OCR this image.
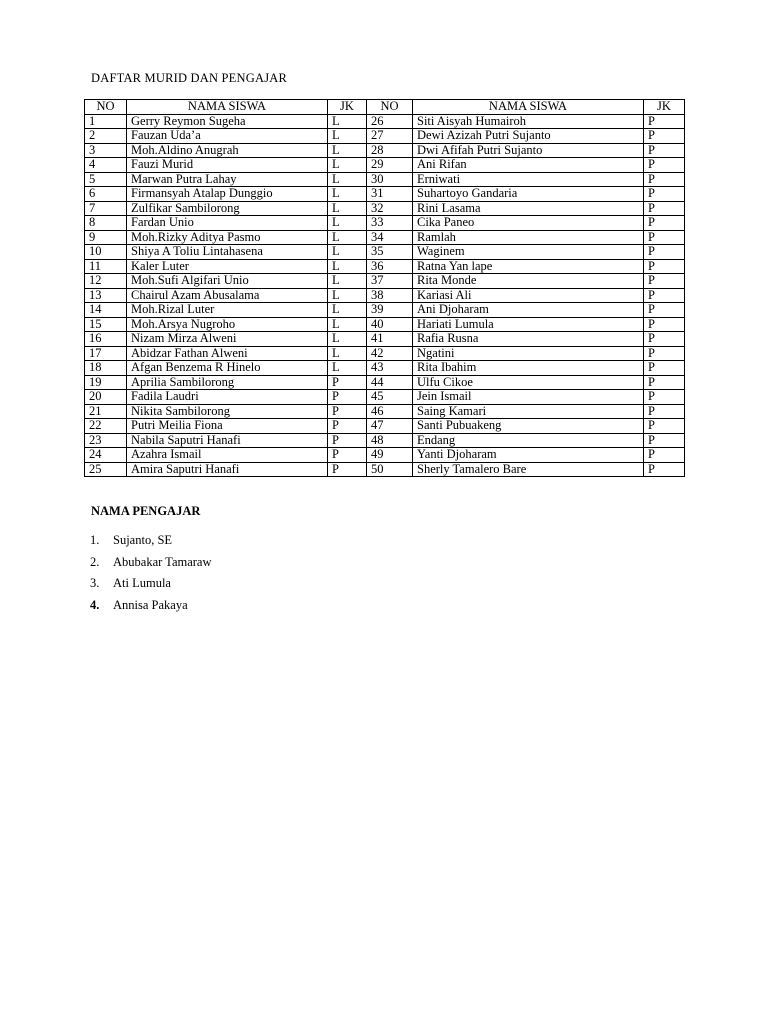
DAFTAR MURID DAN PENGAJAR
NO	NAMA SISWA	JK	NO	NAMA SISWA	JK
1	Gerry Reymon Sugeha	L	26	Siti Aisyah Humairoh	P
2	Fauzan Uda’a	L	27	Dewi Azizah Putri Sujanto	P
3	Moh.Aldino Anugrah	L	28	Dwi Afifah Putri Sujanto	P
4	Fauzi Murid	L	29	Ani Rifan	P
5	Marwan Putra Lahay	L	30	Erniwati	P
6	Firmansyah Atalap Dunggio	L	31	Suhartoyo Gandaria	P
7	Zulfikar Sambilorong	L	32	Rini Lasama	P
8	Fardan Unio	L	33	Cika Paneo	P
9	Moh.Rizky Aditya Pasmo	L	34	Ramlah	P
10	Shiya A Toliu Lintahasena	L	35	Waginem	P
11	Kaler Luter	L	36	Ratna Yan lape	P
12	Moh.Sufi Algifari Unio	L	37	Rita Monde	P
13	Chairul Azam Abusalama	L	38	Kariasi Ali	P
14	Moh.Rizal Luter	L	39	Ani Djoharam	P
15	Moh.Arsya Nugroho	L	40	Hariati Lumula	P
16	Nizam Mirza Alweni	L	41	Rafia Rusna	P
17	Abidzar Fathan Alweni	L	42	Ngatini	P
18	Afgan Benzema R Hinelo	L	43	Rita Ibahim	P
19	Aprilia Sambilorong	P	44	Ulfu Cikoe	P
20	Fadila Laudri	P	45	Jein Ismail	P
21	Nikita Sambilorong	P	46	Saing Kamari	P
22	Putri Meilia Fiona	P	47	Santi Pubuakeng	P
23	Nabila Saputri Hanafi	P	48	Endang	P
24	Azahra Ismail	P	49	Yanti Djoharam	P
25	Amira Saputri Hanafi	P	50	Sherly Tamalero Bare	P
NAMA PENGAJAR
1. Sujanto, SE
2. Abubakar Tamaraw
3. Ati Lumula
4. Annisa Pakaya
